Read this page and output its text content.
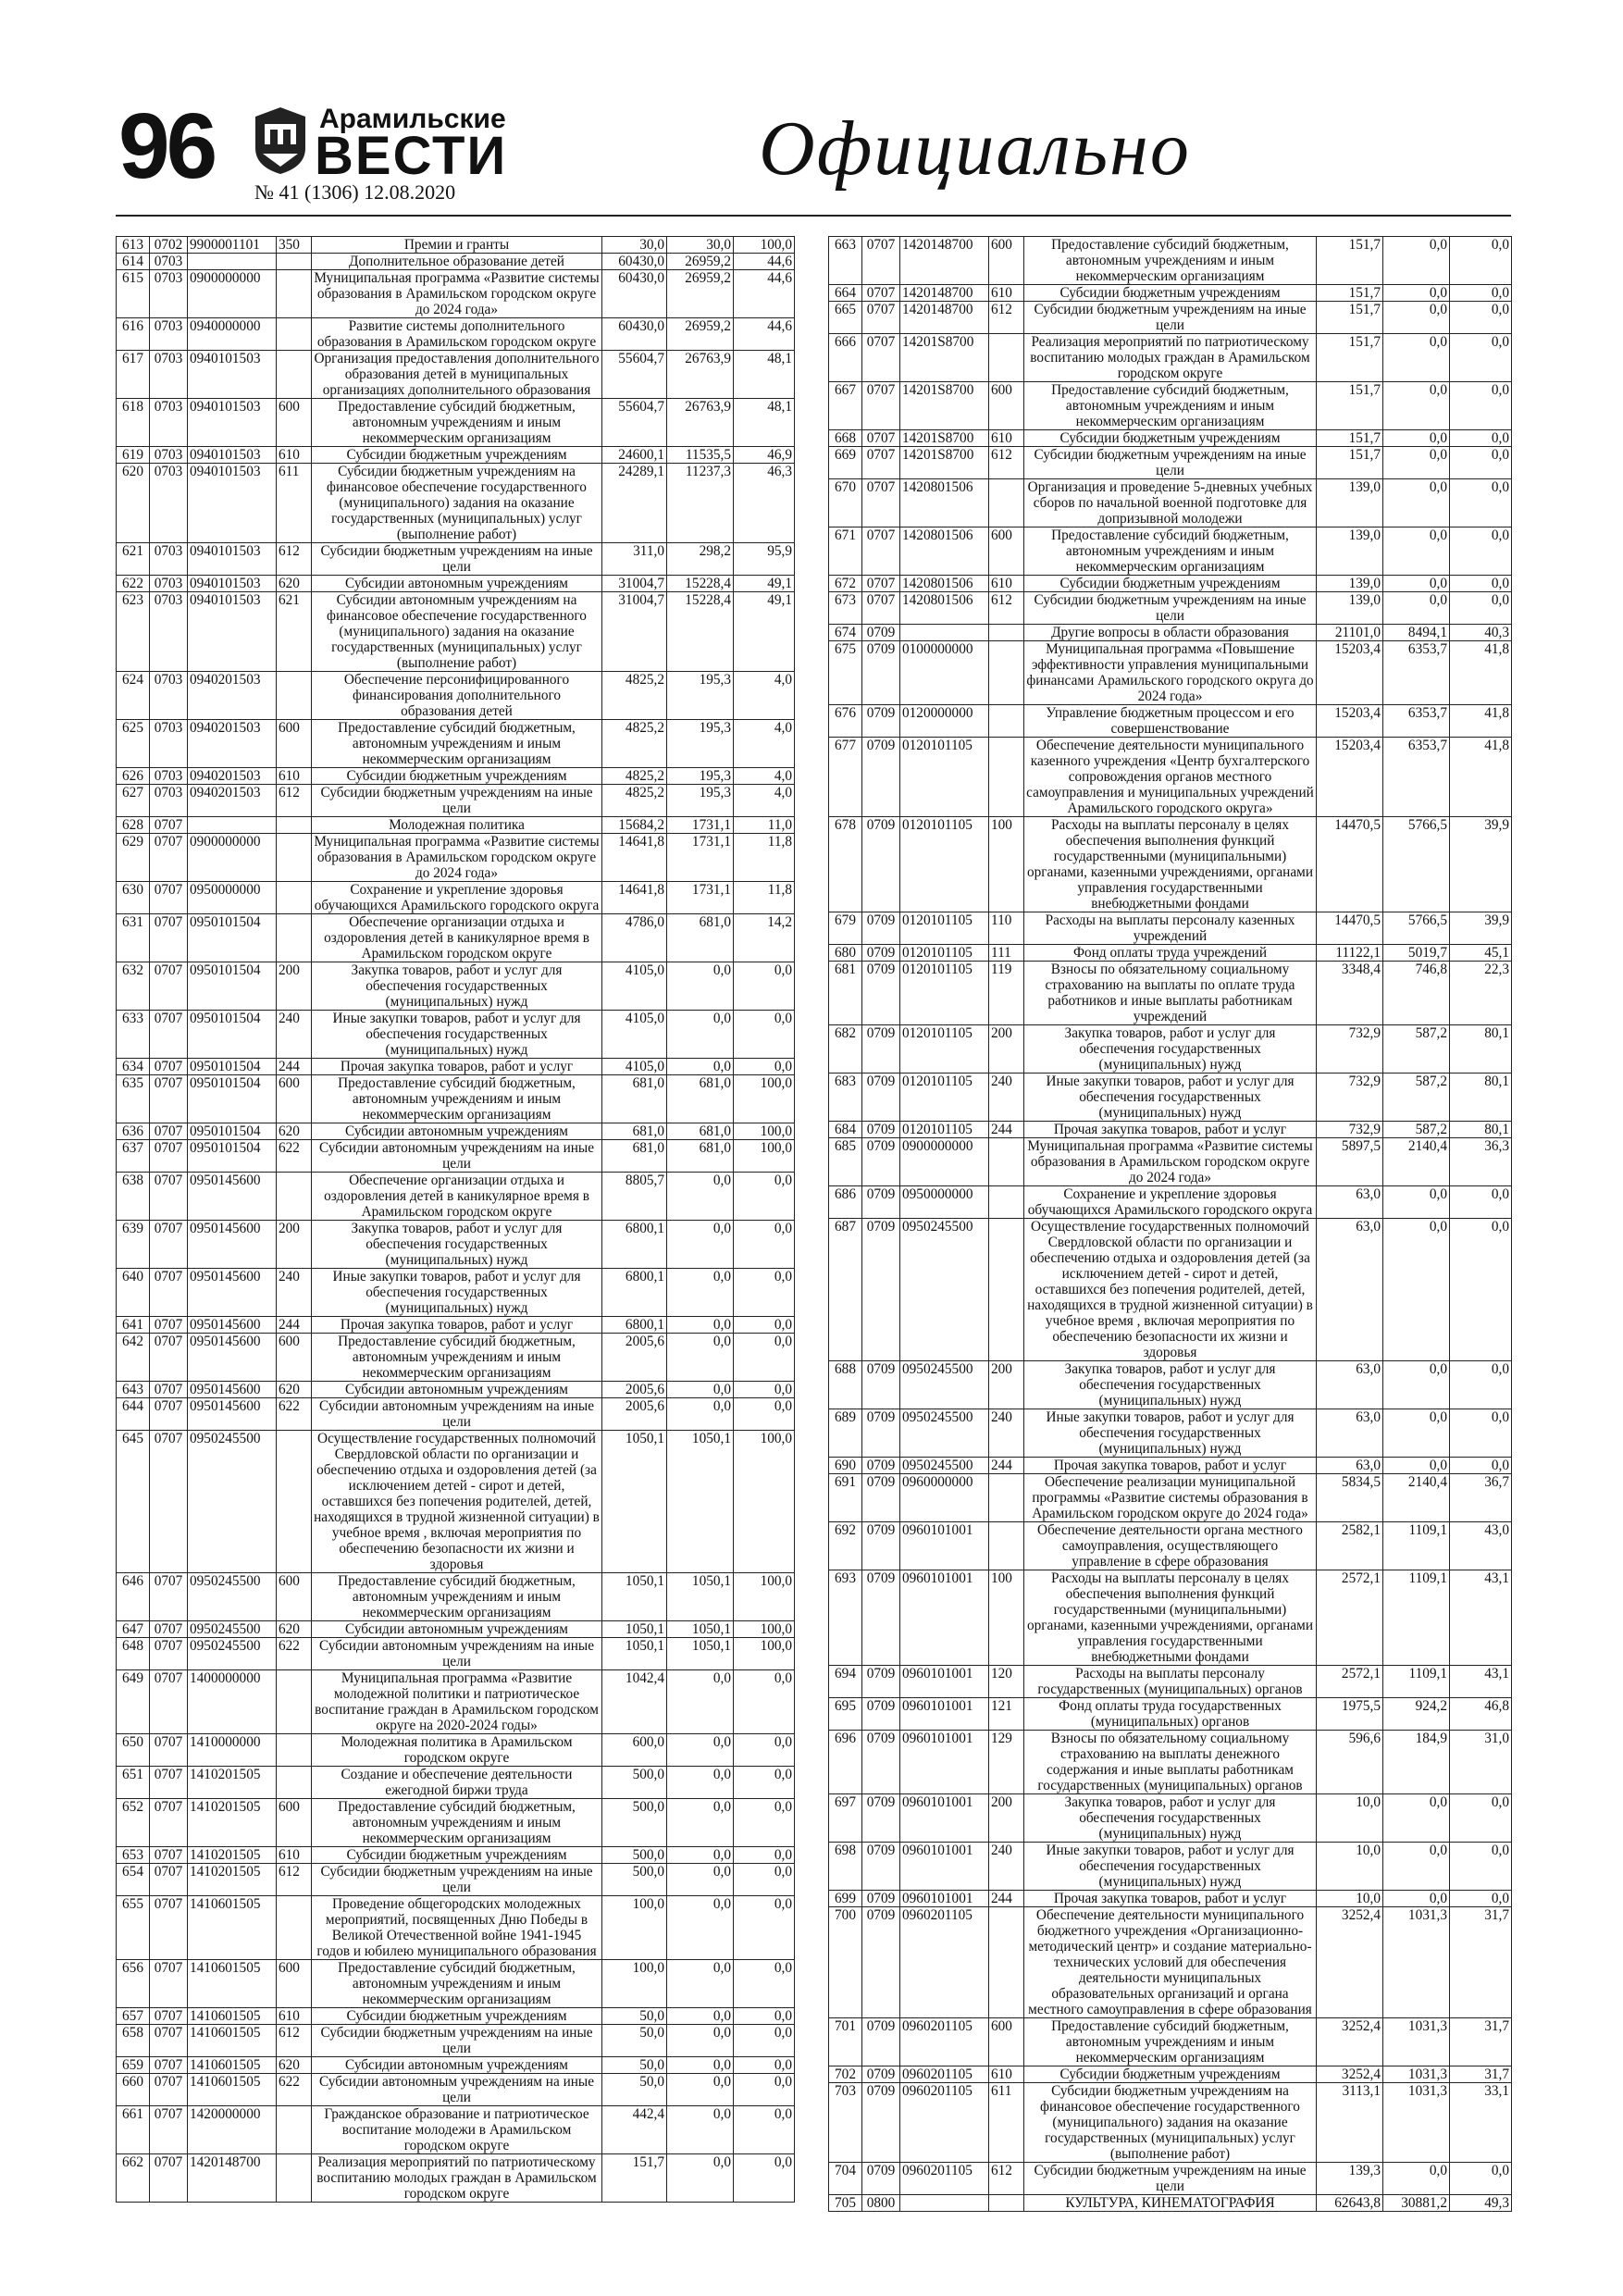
96	Арамильские
ВЕСТИ
№ 41 (1306) 12.08.2020
Официально
613	0702	9900001101	350	Премии и гранты	30,0	30,0	100,0
614	0703			Дополнительное образование детей	60430,0	26959,2	44,6
615	0703	0900000000		Муниципальная программа «Развитие системы образования в Арамильском городском округе до 2024 года»	60430,0	26959,2	44,6
616	0703	0940000000		Развитие системы дополнительного образования в Арамильском городском округе	60430,0	26959,2	44,6
617	0703	0940101503		Организация предоставления дополнительного образования детей в муниципальных организациях дополнительного образования	55604,7	26763,9	48,1
618	0703	0940101503	600	Предоставление субсидий бюджетным, автономным учреждениям и иным некоммерческим организациям	55604,7	26763,9	48,1
619	0703	0940101503	610	Субсидии бюджетным учреждениям	24600,1	11535,5	46,9
620	0703	0940101503	611	Субсидии бюджетным учреждениям на финансовое обеспечение государственного (муниципального) задания на оказание государственных (муниципальных) услуг (выполнение работ)	24289,1	11237,3	46,3
621	0703	0940101503	612	Субсидии бюджетным учреждениям на иные цели	311,0	298,2	95,9
622	0703	0940101503	620	Субсидии автономным учреждениям	31004,7	15228,4	49,1
623	0703	0940101503	621	Субсидии автономным учреждениям на финансовое обеспечение государственного (муниципального) задания на оказание государственных (муниципальных) услуг (выполнение работ)	31004,7	15228,4	49,1
624	0703	0940201503		Обеспечение персонифицированного финансирования дополнительного образования детей	4825,2	195,3	4,0
625	0703	0940201503	600	Предоставление субсидий бюджетным, автономным учреждениям и иным некоммерческим организациям	4825,2	195,3	4,0
626	0703	0940201503	610	Субсидии бюджетным учреждениям	4825,2	195,3	4,0
627	0703	0940201503	612	Субсидии бюджетным учреждениям на иные цели	4825,2	195,3	4,0
628	0707			Молодежная политика	15684,2	1731,1	11,0
629	0707	0900000000		Муниципальная программа «Развитие системы образования в Арамильском городском округе до 2024 года»	14641,8	1731,1	11,8
630	0707	0950000000		Сохранение и укрепление здоровья обучающихся Арамильского городского округа	14641,8	1731,1	11,8
631	0707	0950101504		Обеспечение организации отдыха и оздоровления детей в каникулярное время в Арамильском городском округе	4786,0	681,0	14,2
632	0707	0950101504	200	Закупка товаров, работ и услуг для обеспечения государственных (муниципальных) нужд	4105,0	0,0	0,0
633	0707	0950101504	240	Иные закупки товаров, работ и услуг для обеспечения государственных (муниципальных) нужд	4105,0	0,0	0,0
634	0707	0950101504	244	Прочая закупка товаров, работ и услуг	4105,0	0,0	0,0
635	0707	0950101504	600	Предоставление субсидий бюджетным, автономным учреждениям и иным некоммерческим организациям	681,0	681,0	100,0
636	0707	0950101504	620	Субсидии автономным учреждениям	681,0	681,0	100,0
637	0707	0950101504	622	Субсидии автономным учреждениям на иные цели	681,0	681,0	100,0
638	0707	0950145600		Обеспечение организации отдыха и оздоровления детей в каникулярное время в Арамильском городском округе	8805,7	0,0	0,0
639	0707	0950145600	200	Закупка товаров, работ и услуг для обеспечения государственных (муниципальных) нужд	6800,1	0,0	0,0
640	0707	0950145600	240	Иные закупки товаров, работ и услуг для обеспечения государственных (муниципальных) нужд	6800,1	0,0	0,0
641	0707	0950145600	244	Прочая закупка товаров, работ и услуг	6800,1	0,0	0,0
642	0707	0950145600	600	Предоставление субсидий бюджетным, автономным учреждениям и иным некоммерческим организациям	2005,6	0,0	0,0
643	0707	0950145600	620	Субсидии автономным учреждениям	2005,6	0,0	0,0
644	0707	0950145600	622	Субсидии автономным учреждениям на иные цели	2005,6	0,0	0,0
645	0707	0950245500		Осуществление государственных полномочий Свердловской области по организации и обеспечению отдыха и оздоровления детей (за исключением детей - сирот и детей, оставшихся без попечения родителей, детей, находящихся в трудной жизненной ситуации) в учебное время , включая мероприятия по обеспечению безопасности их жизни и здоровья	1050,1	1050,1	100,0
646	0707	0950245500	600	Предоставление субсидий бюджетным, автономным учреждениям и иным некоммерческим организациям	1050,1	1050,1	100,0
647	0707	0950245500	620	Субсидии автономным учреждениям	1050,1	1050,1	100,0
648	0707	0950245500	622	Субсидии автономным учреждениям на иные цели	1050,1	1050,1	100,0
649	0707	1400000000		Муниципальная программа «Развитие молодежной политики и патриотическое воспитание граждан в Арамильском городском округе на 2020-2024 годы»	1042,4	0,0	0,0
650	0707	1410000000		Молодежная политика в Арамильском городском округе	600,0	0,0	0,0
651	0707	1410201505		Создание и обеспечение деятельности ежегодной биржи труда	500,0	0,0	0,0
652	0707	1410201505	600	Предоставление субсидий бюджетным, автономным учреждениям и иным некоммерческим организациям	500,0	0,0	0,0
653	0707	1410201505	610	Субсидии бюджетным учреждениям	500,0	0,0	0,0
654	0707	1410201505	612	Субсидии бюджетным учреждениям на иные цели	500,0	0,0	0,0
655	0707	1410601505		Проведение общегородских молодежных мероприятий, посвященных Дню Победы в Великой Отечественной войне 1941-1945 годов и юбилею муниципального образования	100,0	0,0	0,0
656	0707	1410601505	600	Предоставление субсидий бюджетным, автономным учреждениям и иным некоммерческим организациям	100,0	0,0	0,0
657	0707	1410601505	610	Субсидии бюджетным учреждениям	50,0	0,0	0,0
658	0707	1410601505	612	Субсидии бюджетным учреждениям на иные цели	50,0	0,0	0,0
659	0707	1410601505	620	Субсидии автономным учреждениям	50,0	0,0	0,0
660	0707	1410601505	622	Субсидии автономным учреждениям на иные цели	50,0	0,0	0,0
661	0707	1420000000		Гражданское образование и патриотическое воспитание молодежи в Арамильском городском округе	442,4	0,0	0,0
662	0707	1420148700		Реализация мероприятий по патриотическому воспитанию молодых граждан в Арамильском городском округе	151,7	0,0	0,0
663	0707	1420148700	600	Предоставление субсидий бюджетным, автономным учреждениям и иным некоммерческим организациям	151,7	0,0	0,0
664	0707	1420148700	610	Субсидии бюджетным учреждениям	151,7	0,0	0,0
665	0707	1420148700	612	Субсидии бюджетным учреждениям на иные цели	151,7	0,0	0,0
666	0707	14201S8700		Реализация мероприятий по патриотическому воспитанию молодых граждан в Арамильском городском округе	151,7	0,0	0,0
667	0707	14201S8700	600	Предоставление субсидий бюджетным, автономным учреждениям и иным некоммерческим организациям	151,7	0,0	0,0
668	0707	14201S8700	610	Субсидии бюджетным учреждениям	151,7	0,0	0,0
669	0707	14201S8700	612	Субсидии бюджетным учреждениям на иные цели	151,7	0,0	0,0
670	0707	1420801506		Организация и проведение 5-дневных учебных сборов по начальной военной подготовке для допризывной молодежи	139,0	0,0	0,0
671	0707	1420801506	600	Предоставление субсидий бюджетным, автономным учреждениям и иным некоммерческим организациям	139,0	0,0	0,0
672	0707	1420801506	610	Субсидии бюджетным учреждениям	139,0	0,0	0,0
673	0707	1420801506	612	Субсидии бюджетным учреждениям на иные цели	139,0	0,0	0,0
674	0709			Другие вопросы в области образования	21101,0	8494,1	40,3
675	0709	0100000000		Муниципальная программа «Повышение эффективности управления муниципальными финансами Арамильского городского округа до 2024 года»	15203,4	6353,7	41,8
676	0709	0120000000		Управление бюджетным процессом и его совершенствование	15203,4	6353,7	41,8
677	0709	0120101105		Обеспечение деятельности муниципального казенного учреждения «Центр бухгалтерского сопровождения органов местного самоуправления и муниципальных учреждений Арамильского городского округа»	15203,4	6353,7	41,8
678	0709	0120101105	100	Расходы на выплаты персоналу в целях обеспечения выполнения функций государственными (муниципальными) органами, казенными учреждениями, органами управления государственными внебюджетными фондами	14470,5	5766,5	39,9
679	0709	0120101105	110	Расходы на выплаты персоналу казенных учреждений	14470,5	5766,5	39,9
680	0709	0120101105	111	Фонд оплаты труда учреждений	11122,1	5019,7	45,1
681	0709	0120101105	119	Взносы по обязательному социальному страхованию на выплаты по оплате труда работников и иные выплаты работникам учреждений	3348,4	746,8	22,3
682	0709	0120101105	200	Закупка товаров, работ и услуг для обеспечения государственных (муниципальных) нужд	732,9	587,2	80,1
683	0709	0120101105	240	Иные закупки товаров, работ и услуг для обеспечения государственных (муниципальных) нужд	732,9	587,2	80,1
684	0709	0120101105	244	Прочая закупка товаров, работ и услуг	732,9	587,2	80,1
685	0709	0900000000		Муниципальная программа «Развитие системы образования в Арамильском городском округе до 2024 года»	5897,5	2140,4	36,3
686	0709	0950000000		Сохранение и укрепление здоровья обучающихся Арамильского городского округа	63,0	0,0	0,0
687	0709	0950245500		Осуществление государственных полномочий Свердловской области по организации и обеспечению отдыха и оздоровления детей (за исключением детей - сирот и детей, оставшихся без попечения родителей, детей, находящихся в трудной жизненной ситуации) в учебное время , включая мероприятия по обеспечению безопасности их жизни и здоровья	63,0	0,0	0,0
688	0709	0950245500	200	Закупка товаров, работ и услуг для обеспечения государственных (муниципальных) нужд	63,0	0,0	0,0
689	0709	0950245500	240	Иные закупки товаров, работ и услуг для обеспечения государственных (муниципальных) нужд	63,0	0,0	0,0
690	0709	0950245500	244	Прочая закупка товаров, работ и услуг	63,0	0,0	0,0
691	0709	0960000000		Обеспечение реализации муниципальной программы «Развитие системы образования в Арамильском городском округе до 2024 года»	5834,5	2140,4	36,7
692	0709	0960101001		Обеспечение деятельности органа местного самоуправления, осуществляющего управление в сфере образования	2582,1	1109,1	43,0
693	0709	0960101001	100	Расходы на выплаты персоналу в целях обеспечения выполнения функций государственными (муниципальными) органами, казенными учреждениями, органами управления государственными внебюджетными фондами	2572,1	1109,1	43,1
694	0709	0960101001	120	Расходы на выплаты персоналу государственных (муниципальных) органов	2572,1	1109,1	43,1
695	0709	0960101001	121	Фонд оплаты труда государственных (муниципальных) органов	1975,5	924,2	46,8
696	0709	0960101001	129	Взносы по обязательному социальному страхованию на выплаты денежного содержания и иные выплаты работникам государственных (муниципальных) органов	596,6	184,9	31,0
697	0709	0960101001	200	Закупка товаров, работ и услуг для обеспечения государственных (муниципальных) нужд	10,0	0,0	0,0
698	0709	0960101001	240	Иные закупки товаров, работ и услуг для обеспечения государственных (муниципальных) нужд	10,0	0,0	0,0
699	0709	0960101001	244	Прочая закупка товаров, работ и услуг	10,0	0,0	0,0
700	0709	0960201105		Обеспечение деятельности муниципального бюджетного учреждения «Организационно-методический центр» и создание материально-технических условий для обеспечения деятельности муниципальных образовательных организаций и органа местного самоуправления в сфере образования	3252,4	1031,3	31,7
701	0709	0960201105	600	Предоставление субсидий бюджетным, автономным учреждениям и иным некоммерческим организациям	3252,4	1031,3	31,7
702	0709	0960201105	610	Субсидии бюджетным учреждениям	3252,4	1031,3	31,7
703	0709	0960201105	611	Субсидии бюджетным учреждениям на финансовое обеспечение государственного (муниципального) задания на оказание государственных (муниципальных) услуг (выполнение работ)	3113,1	1031,3	33,1
704	0709	0960201105	612	Субсидии бюджетным учреждениям на иные цели	139,3	0,0	0,0
705	0800			КУЛЬТУРА, КИНЕМАТОГРАФИЯ	62643,8	30881,2	49,3
